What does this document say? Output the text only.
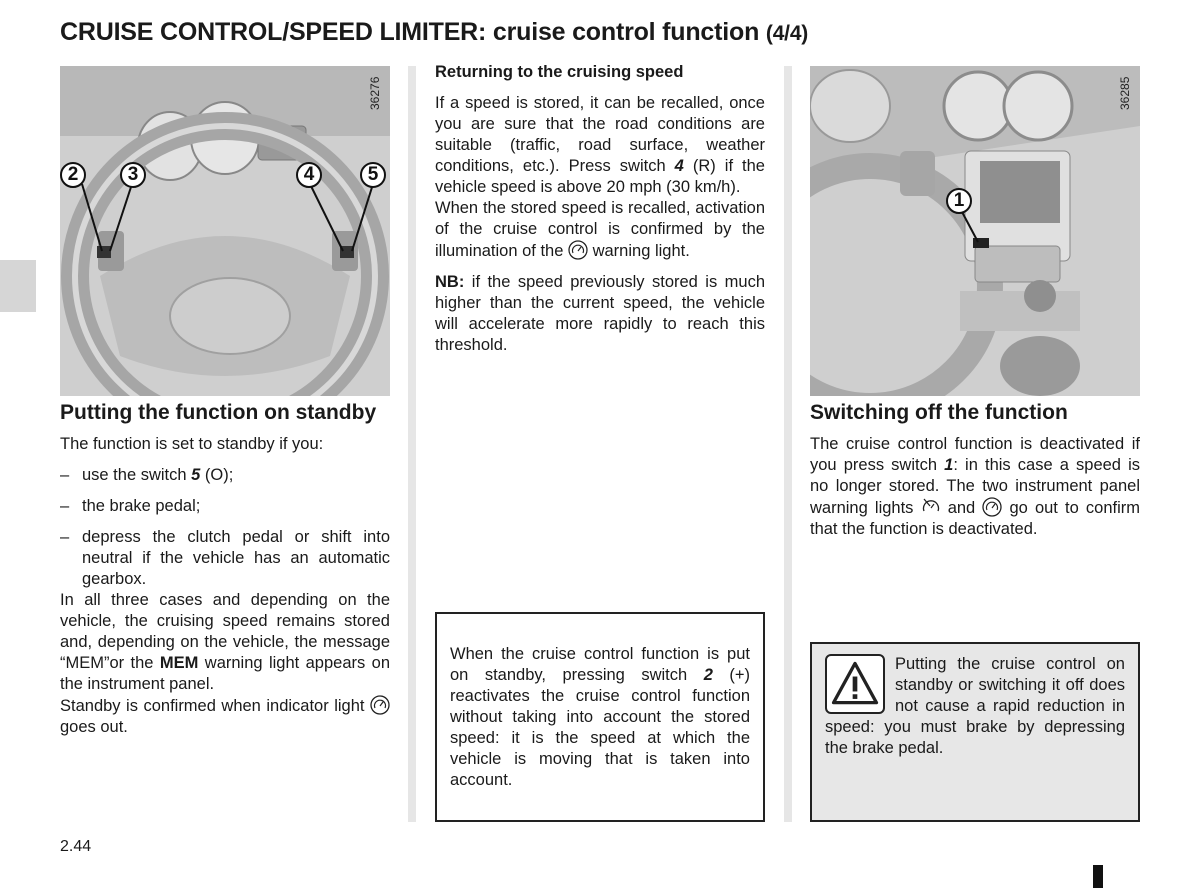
CRUISE CONTROL/SPEED LIMITER: cruise control function (4/4)
36276
2	3	4	5
36285
1
Putting the function on standby

The function is set to standby if you:

– use the switch 5 (O);
– the brake pedal;
– depress the clutch pedal or shift into neutral if the vehicle has an automatic gearbox.

In all three cases and depending on the vehicle, the cruising speed remains stored and, depending on the vehicle, the message “MEM”or the MEM warning light appears on the instrument panel.

Standby is confirmed when indicator light  goes out.

Returning to the cruising speed

If a speed is stored, it can be recalled, once you are sure that the road conditions are suitable (traffic, road surface, weather conditions, etc.). Press switch 4 (R) if the vehicle speed is above 20 mph (30 km/h).

When the stored speed is recalled, activation of the cruise control is confirmed by the illumination of the  warning light.

NB: if the speed previously stored is much higher than the current speed, the vehicle will accelerate more rapidly to reach this threshold.

When the cruise control function is put on standby, pressing switch 2 (+) reactivates the cruise control function without taking into account the stored speed: it is the speed at which the vehicle is moving that is taken into account.
Switching off the function

The cruise control function is deactivated if you press switch 1: in this case a speed is no longer stored. The two instrument panel warning lights  and  go out to confirm that the function is deactivated.

Putting the cruise control on standby or switching it off does not cause a rapid reduction in speed: you must brake by depressing the brake pedal.
2.44
